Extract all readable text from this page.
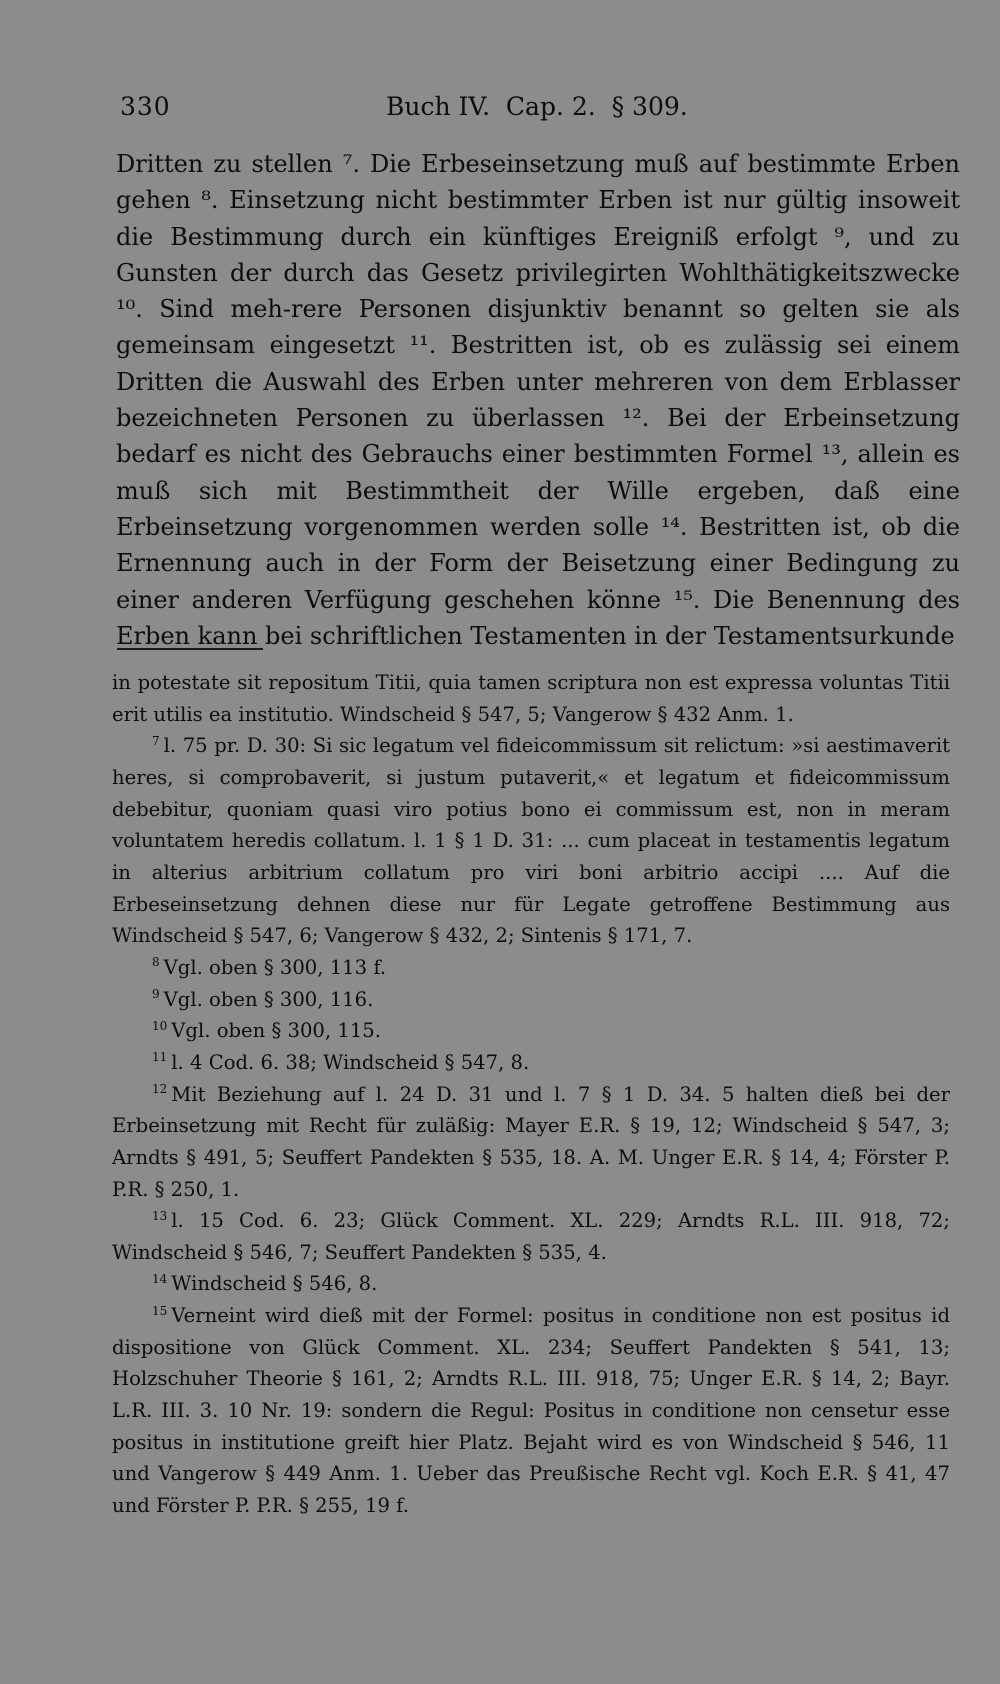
330	Buch IV.  Cap. 2.  § 309.

Dritten zu stellen ⁷. Die Erbeseinsetzung muß auf bestimmte Erben gehen ⁸. Einsetzung nicht bestimmter Erben ist nur gültig insoweit die Bestimmung durch ein künftiges Ereigniß erfolgt ⁹, und zu Gunsten der durch das Gesetz privilegirten Wohlthätigkeitszwecke ¹⁰. Sind meh-rere Personen disjunktiv benannt so gelten sie als gemeinsam eingesetzt ¹¹. Bestritten ist, ob es zulässig sei einem Dritten die Auswahl des Erben unter mehreren von dem Erblasser bezeichneten Personen zu überlassen ¹². Bei der Erbeinsetzung bedarf es nicht des Gebrauchs einer bestimmten Formel ¹³, allein es muß sich mit Bestimmtheit der Wille ergeben, daß eine Erbeinsetzung vorgenommen werden solle ¹⁴. Bestritten ist, ob die Ernennung auch in der Form der Beisetzung einer Bedingung zu einer anderen Verfügung geschehen könne ¹⁵. Die Benennung des Erben kann bei schriftlichen Testamenten in der Testamentsurkunde

in potestate sit repositum Titii, quia tamen scriptura non est expressa voluntas Titii erit utilis ea institutio. Windscheid § 547, 5; Vangerow § 432 Anm. 1.

$^7$ l. 75 pr. D. 30: Si sic legatum vel fideicommissum sit relictum: »si aestimaverit heres, si comprobaverit, si justum putaverit,« et legatum et fideicommissum debebitur, quoniam quasi viro potius bono ei commissum est, non in meram voluntatem heredis collatum. l. 1 § 1 D. 31: ... cum placeat in testamentis legatum in alterius arbitrium collatum pro viri boni arbitrio accipi .... Auf die Erbeseinsetzung dehnen diese nur für Legate getroffene Bestimmung aus Windscheid § 547, 6; Vangerow § 432, 2; Sintenis § 171, 7.

$^8$ Vgl. oben § 300, 113 f.

$^9$ Vgl. oben § 300, 116.

$^{10}$ Vgl. oben § 300, 115.

$^{11}$ l. 4 Cod. 6. 38; Windscheid § 547, 8.

$^{12}$ Mit Beziehung auf l. 24 D. 31 und l. 7 § 1 D. 34. 5 halten dieß bei der Erbeinsetzung mit Recht für zuläßig: Mayer E.R. § 19, 12; Windscheid § 547, 3; Arndts § 491, 5; Seuffert Pandekten § 535, 18. A. M. Unger E.R. § 14, 4; Förster P. P.R. § 250, 1.

$^{13}$ l. 15 Cod. 6. 23; Glück Comment. XL. 229; Arndts R.L. III. 918, 72; Windscheid § 546, 7; Seuffert Pandekten § 535, 4.

$^{14}$ Windscheid § 546, 8.

$^{15}$ Verneint wird dieß mit der Formel: positus in conditione non est positus id dispositione von Glück Comment. XL. 234; Seuffert Pandekten § 541, 13; Holzschuher Theorie § 161, 2; Arndts R.L. III. 918, 75; Unger E.R. § 14, 2; Bayr. L.R. III. 3. 10 Nr. 19: sondern die Regul: Positus in conditione non censetur esse positus in institutione greift hier Platz. Bejaht wird es von Windscheid § 546, 11 und Vangerow § 449 Anm. 1. Ueber das Preußische Recht vgl. Koch E.R. § 41, 47 und Förster P. P.R. § 255, 19 f.
